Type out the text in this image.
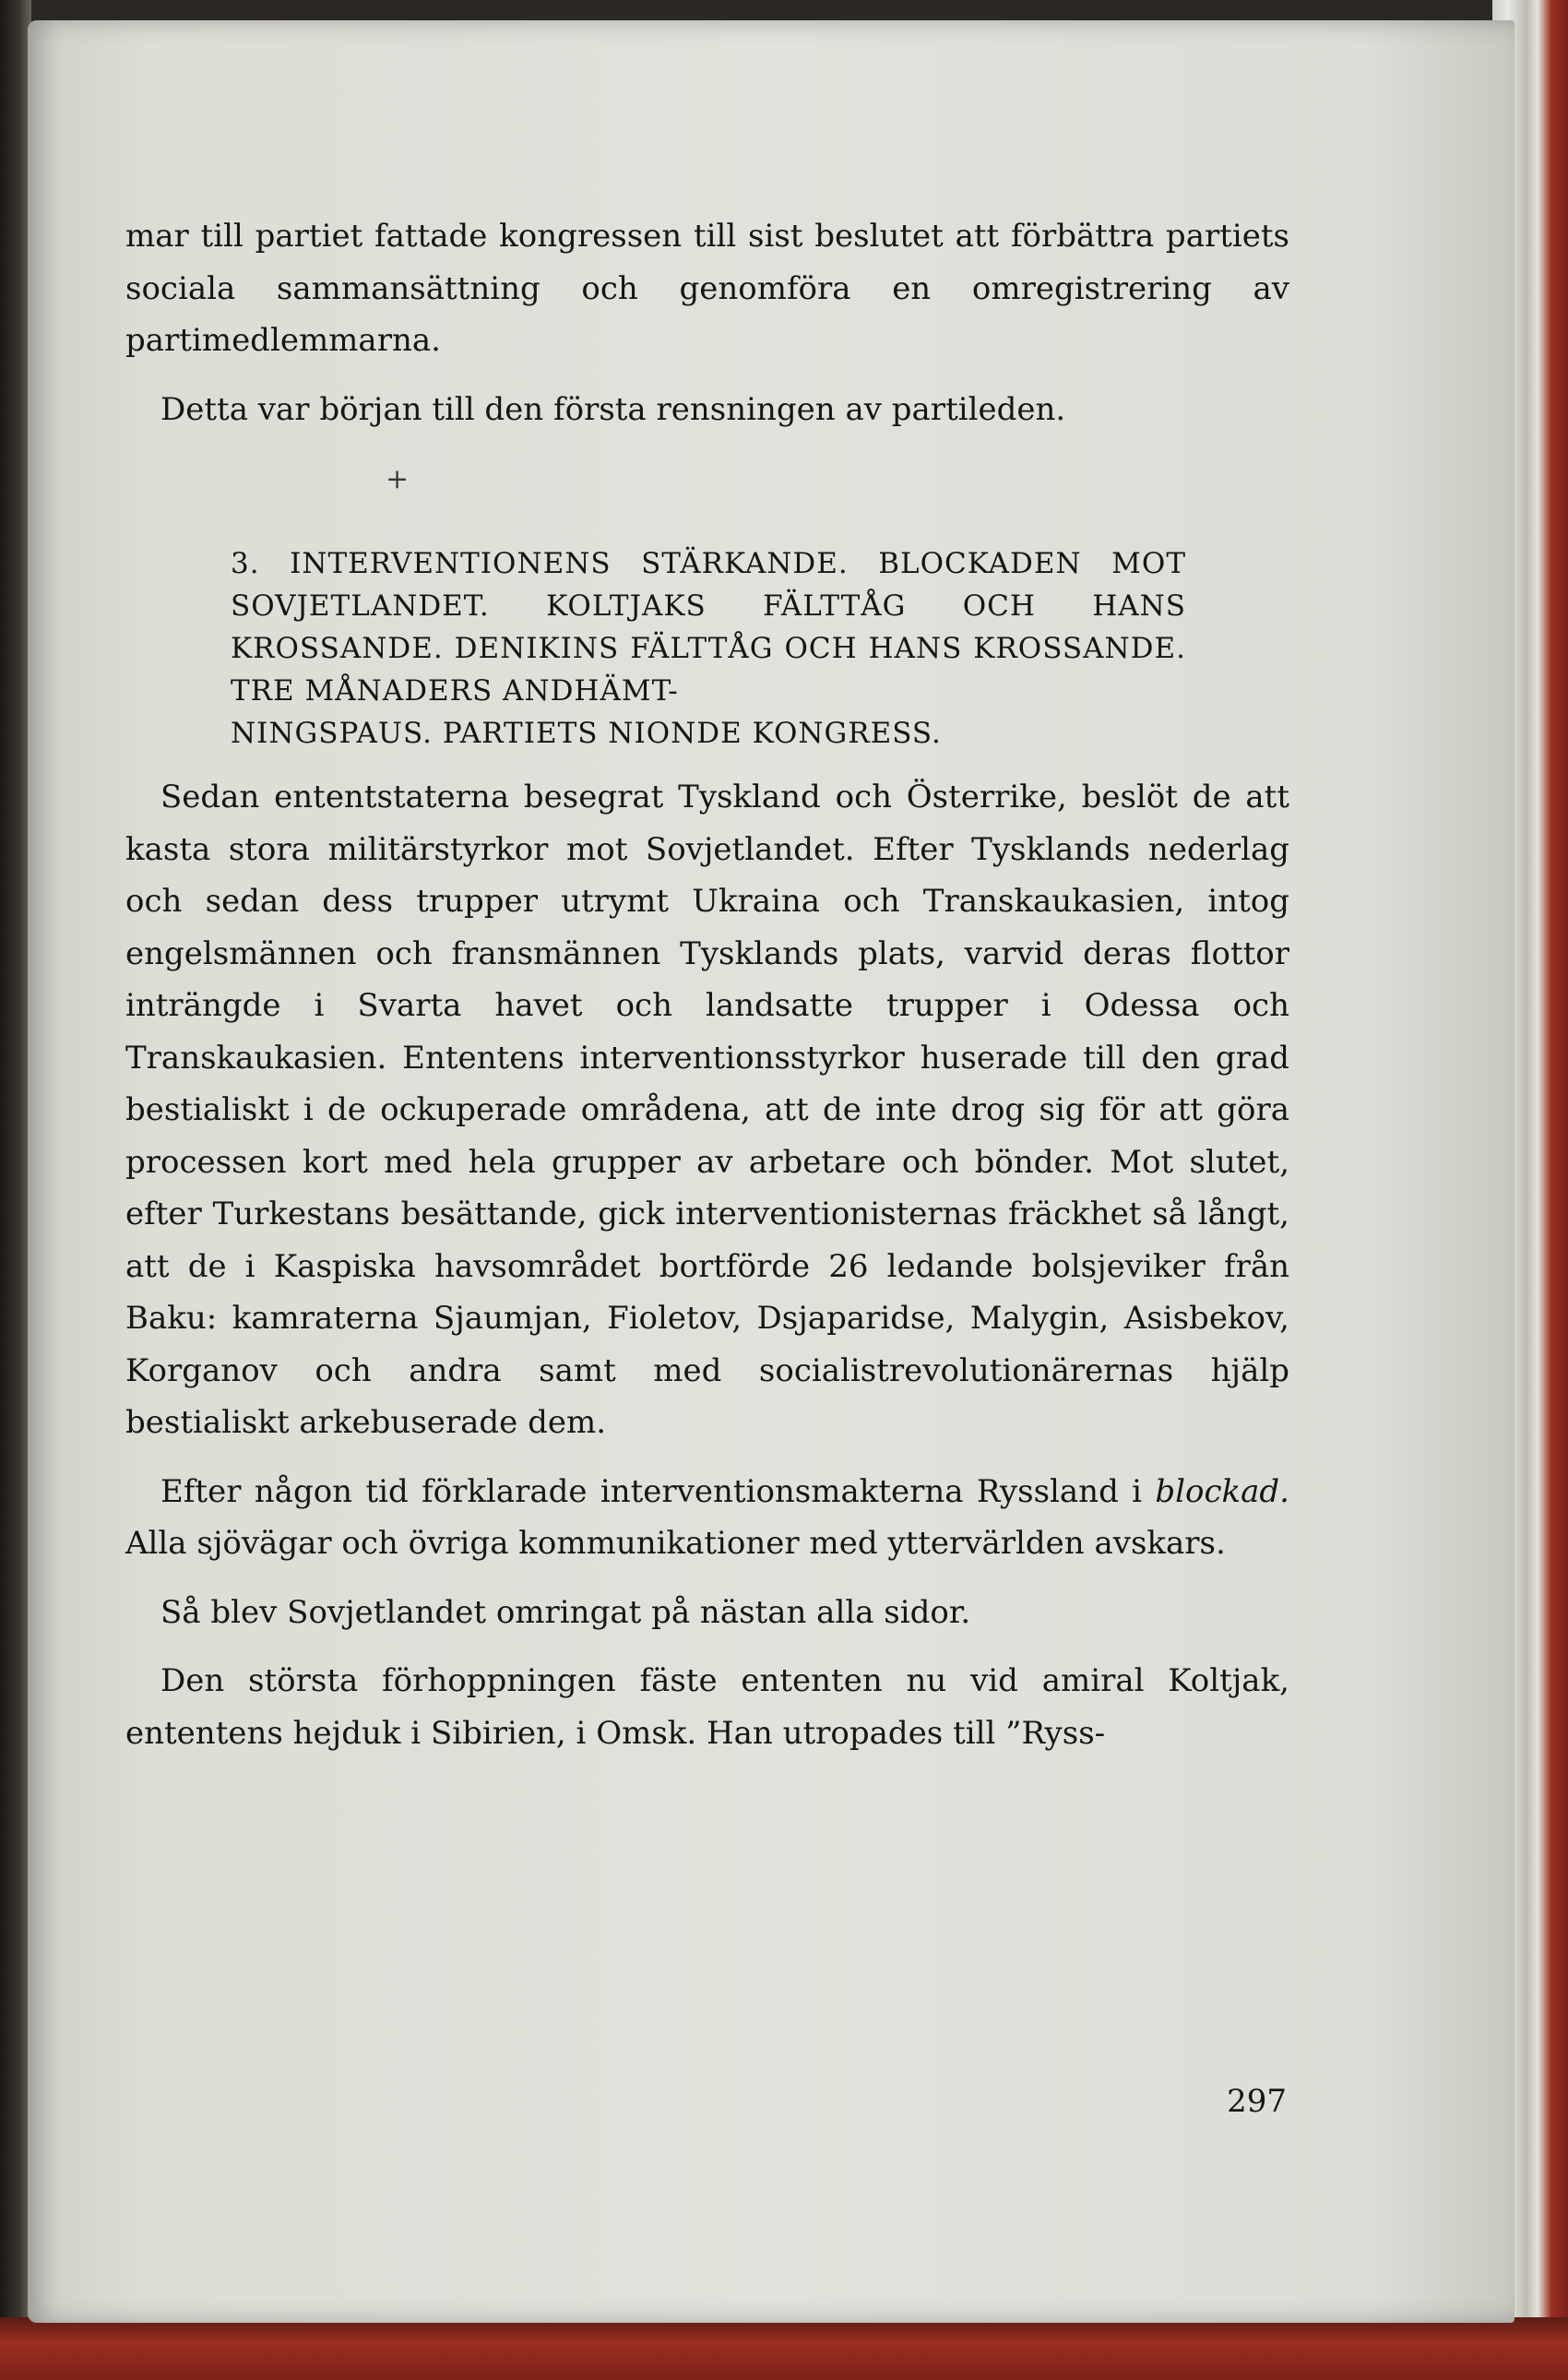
mar till partiet fattade kongressen till sist beslutet att förbättra partiets sociala sammansättning och genomföra en omregistrering av partimedlemmarna.

Detta var början till den första rensningen av partileden.

+

3. INTERVENTIONENS STÄRKANDE. BLOCKADEN MOT SOVJETLANDET. KOLTJAKS FÄLTTÅG OCH HANS KROSSANDE. DENIKINS FÄLTTÅG OCH HANS KROSSANDE. TRE MÅNADERS ANDHÄMT-

NINGSPAUS. PARTIETS NIONDE KONGRESS.

Sedan ententstaterna besegrat Tyskland och Österrike, beslöt de att kasta stora militärstyrkor mot Sovjetlandet. Efter Tysklands nederlag och sedan dess trupper utrymt Ukraina och Transkaukasien, intog engelsmännen och fransmännen Tysklands plats, varvid deras flottor inträngde i Svarta havet och landsatte trupper i Odessa och Transkaukasien. Ententens interventionsstyrkor huserade till den grad bestialiskt i de ockuperade områdena, att de inte drog sig för att göra processen kort med hela grupper av arbetare och bönder. Mot slutet, efter Turkestans besättande, gick interventionisternas fräckhet så långt, att de i Kaspiska havsområdet bortförde 26 ledande bolsjeviker från Baku: kamraterna Sjaumjan, Fioletov, Dsjaparidse, Malygin, Asisbekov, Korganov och andra samt med socialistrevolutionärernas hjälp bestialiskt arkebuserade dem.

Efter någon tid förklarade interventionsmakterna Ryssland i blockad. Alla sjövägar och övriga kommunikationer med yttervärlden avskars.

Så blev Sovjetlandet omringat på nästan alla sidor.

Den största förhoppningen fäste ententen nu vid amiral Koltjak, ententens hejduk i Sibirien, i Omsk. Han utropades till ”Ryss-

297
